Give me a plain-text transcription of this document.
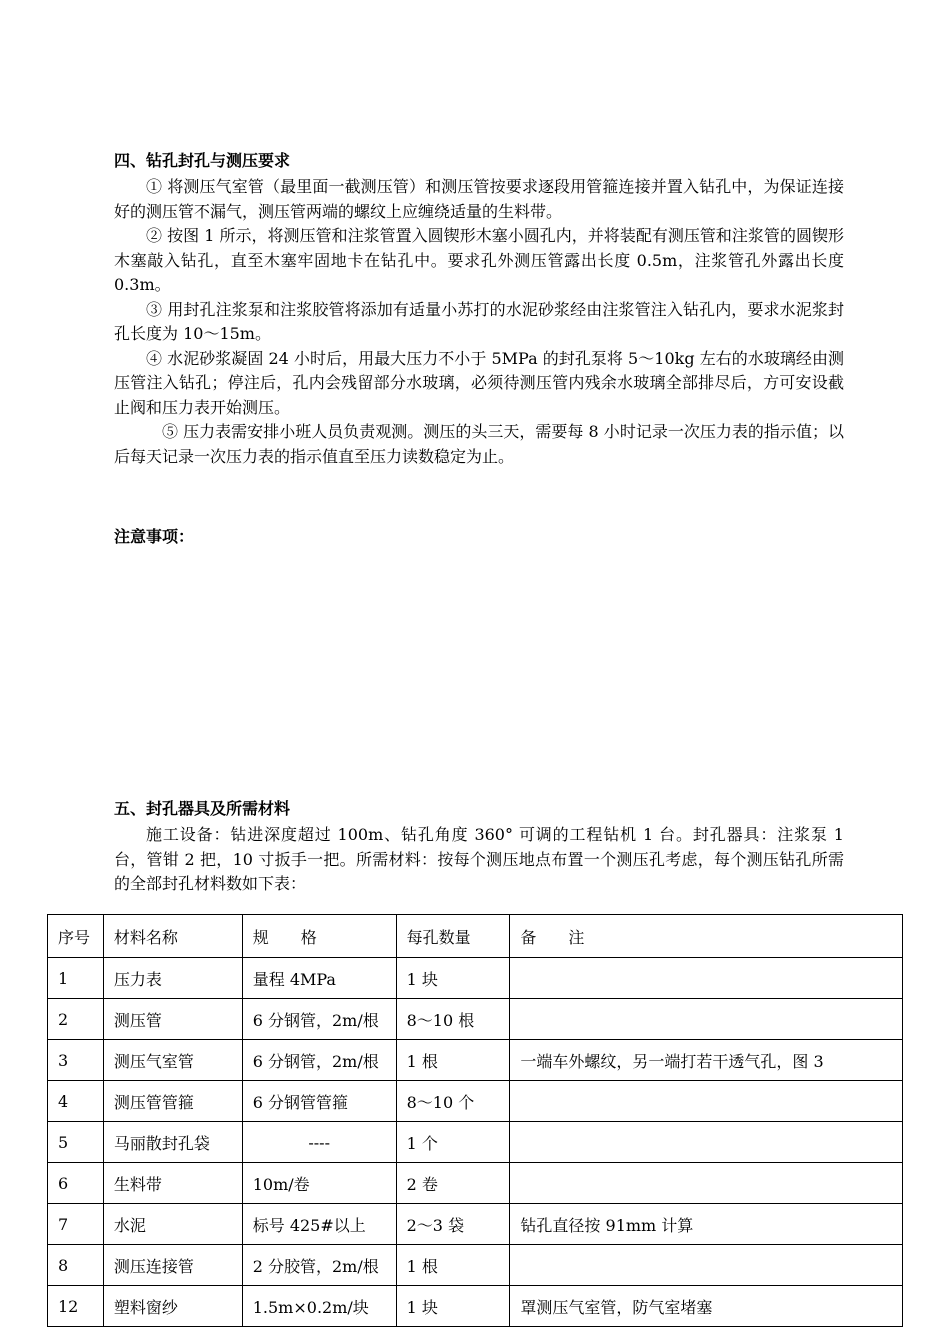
四、钻孔封孔与测压要求

① 将测压气室管（最里面一截测压管）和测压管按要求逐段用管箍连接并置入钻孔中，为保证连接好的测压管不漏气，测压管两端的螺纹上应缠绕适量的生料带。

② 按图 1 所示，将测压管和注浆管置入圆锲形木塞小圆孔内，并将装配有测压管和注浆管的圆锲形木塞敲入钻孔，直至木塞牢固地卡在钻孔中。要求孔外测压管露出长度 0.5m，注浆管孔外露出长度 0.3m。

③ 用封孔注浆泵和注浆胶管将添加有适量小苏打的水泥砂浆经由注浆管注入钻孔内，要求水泥浆封孔长度为 10～15m。

④ 水泥砂浆凝固 24 小时后，用最大压力不小于 5MPa 的封孔泵将 5～10kg 左右的水玻璃经由测压管注入钻孔；停注后，孔内会残留部分水玻璃，必须待测压管内残余水玻璃全部排尽后，方可安设截止阀和压力表开始测压。

⑤ 压力表需安排小班人员负责观测。测压的头三天，需要每 8 小时记录一次压力表的指示值；以后每天记录一次压力表的指示值直至压力读数稳定为止。

注意事项：
五、封孔器具及所需材料

施工设备：钻进深度超过 100m、钻孔角度 360° 可调的工程钻机 1 台。封孔器具：注浆泵 1 台，管钳 2 把，10 寸扳手一把。所需材料：按每个测压地点布置一个测压孔考虑，每个测压钻孔所需的全部封孔材料数如下表：

序号	材料名称	规　　格	每孔数量	备　　注
1	压力表	量程 4MPa	1 块	
2	测压管	6 分钢管，2m/根	8～10 根	
3	测压气室管	6 分钢管，2m/根	1 根	一端车外螺纹，另一端打若干透气孔，图 3
4	测压管管箍	6 分钢管管箍	8～10 个	
5	马丽散封孔袋	----	1 个	
6	生料带	10m/卷	2 卷	
7	水泥	标号 425#以上	2～3 袋	钻孔直径按 91mm 计算
8	测压连接管	2 分胶管，2m/根	1 根	
12	塑料窗纱	1.5m×0.2m/块	1 块	罩测压气室管，防气室堵塞
